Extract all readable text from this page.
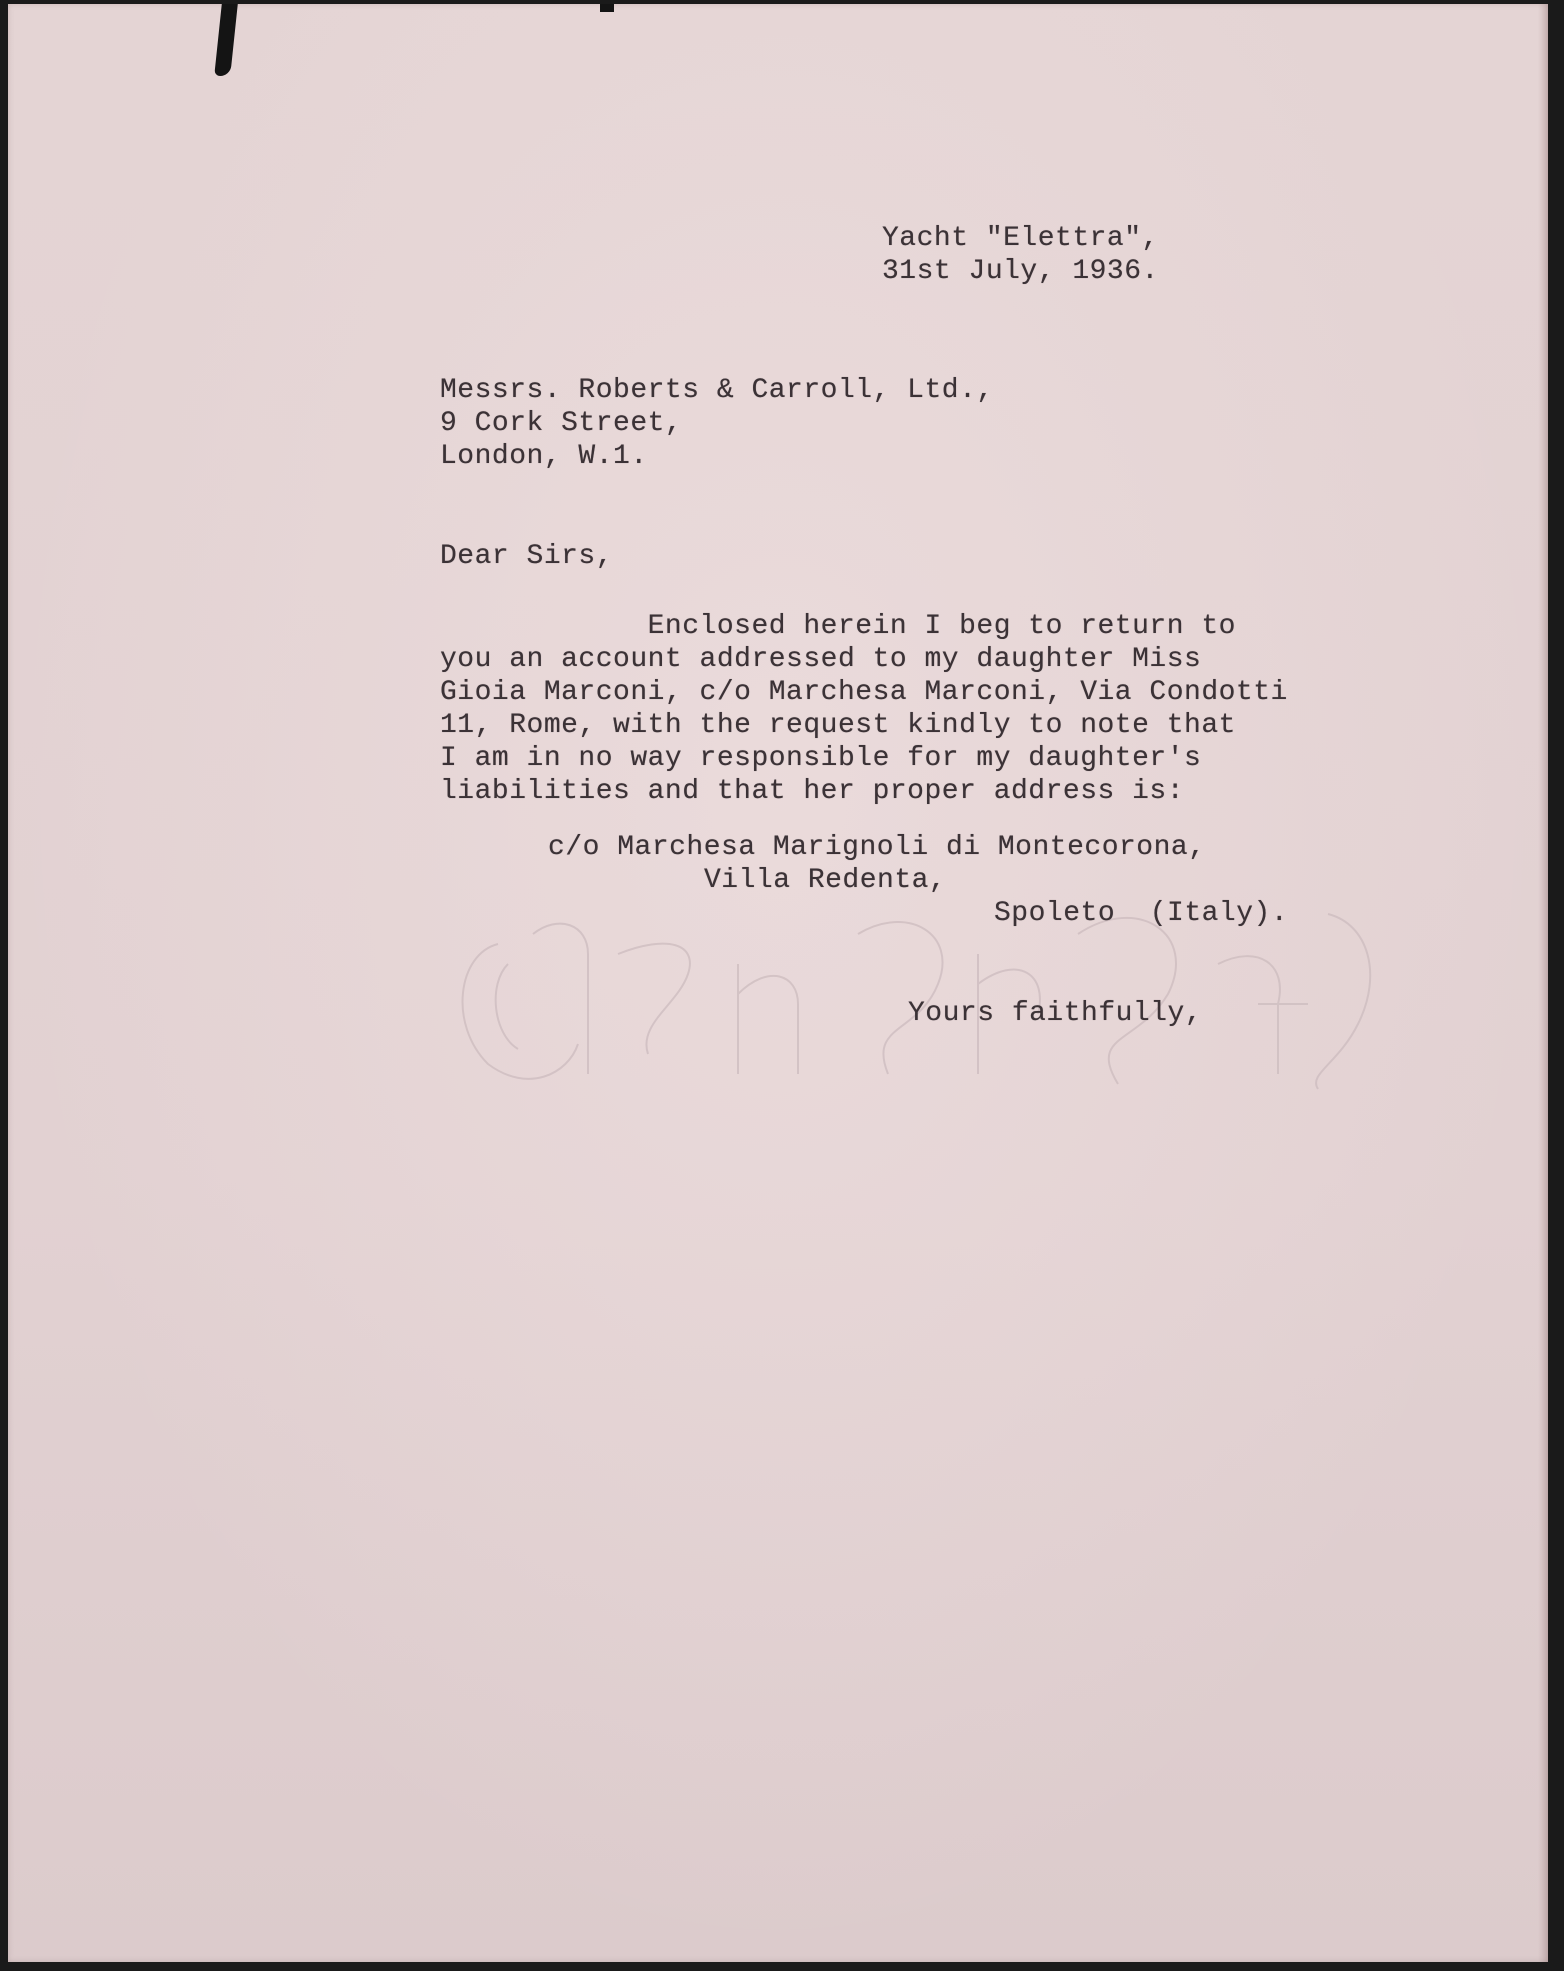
Yacht "Elettra",
31st July, 1936.
Messrs. Roberts & Carroll, Ltd.,
9 Cork Street,
London, W.1.
Dear Sirs,
Enclosed herein I beg to return to
you an account addressed to my daughter Miss
Gioia Marconi, c/o Marchesa Marconi, Via Condotti
11, Rome, with the request kindly to note that
I am in no way responsible for my daughter's
liabilities and that her proper address is:
c/o Marchesa Marignoli di Montecorona,
Villa Redenta,
Spoleto  (Italy).
Yours faithfully,
